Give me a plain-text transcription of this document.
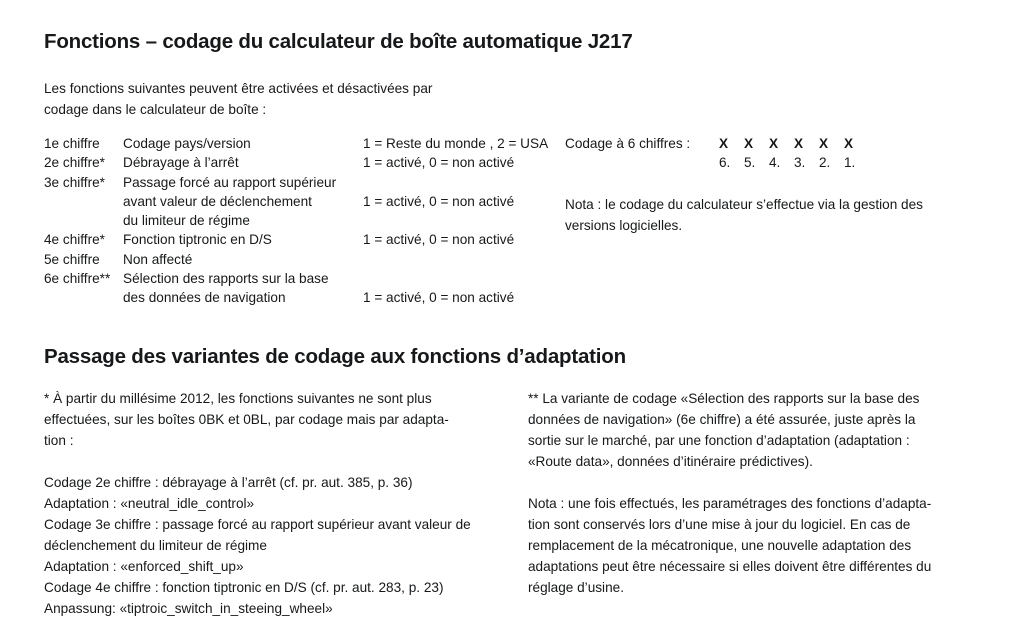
Fonctions – codage du calculateur de boîte automatique J217
Les fonctions suivantes peuvent être activées et désactivées par
codage dans le calculateur de boîte :
1e chiffre	Codage pays/version	1 = Reste du monde , 2 = USA
2e chiffre*	Débrayage à l’arrêt	1 = activé, 0 = non activé
3e chiffre*	Passage forcé au rapport supérieur
avant valeur de déclenchement	1 = activé, 0 = non activé
du limiteur de régime
4e chiffre*	Fonction tiptronic en D/S	1 = activé, 0 = non activé
5e chiffre	Non affecté
6e chiffre** Sélection des rapports sur la base
des données de navigation	1 = activé, 0 = non activé
Codage à 6 chiffres :	X	X	X	X	X	X
6.	5.	4.	3.	2.	1.
Nota : le codage du calculateur s’effectue via la gestion des
versions logicielles.
Passage des variantes de codage aux fonctions d’adaptation
* À partir du millésime 2012, les fonctions suivantes ne sont plus
effectuées, sur les boîtes 0BK et 0BL, par codage mais par adapta-
tion :
Codage 2e chiffre : débrayage à l’arrêt (cf. pr. aut. 385, p. 36)
Adaptation : «neutral_idle_control»
Codage 3e chiffre : passage forcé au rapport supérieur avant valeur de
déclenchement du limiteur de régime
Adaptation : «enforced_shift_up»
Codage 4e chiffre : fonction tiptronic en D/S (cf. pr. aut. 283, p. 23)
Anpassung: «tiptroic_switch_in_steeing_wheel»
** La variante de codage «Sélection des rapports sur la base des
données de navigation» (6e chiffre) a été assurée, juste après la
sortie sur le marché, par une fonction d’adaptation (adaptation :
«Route data», données d’itinéraire prédictives).
Nota : une fois effectués, les paramétrages des fonctions d’adapta-
tion sont conservés lors d’une mise à jour du logiciel. En cas de
remplacement de la mécatronique, une nouvelle adaptation des
adaptations peut être nécessaire si elles doivent être différentes du
réglage d’usine.
